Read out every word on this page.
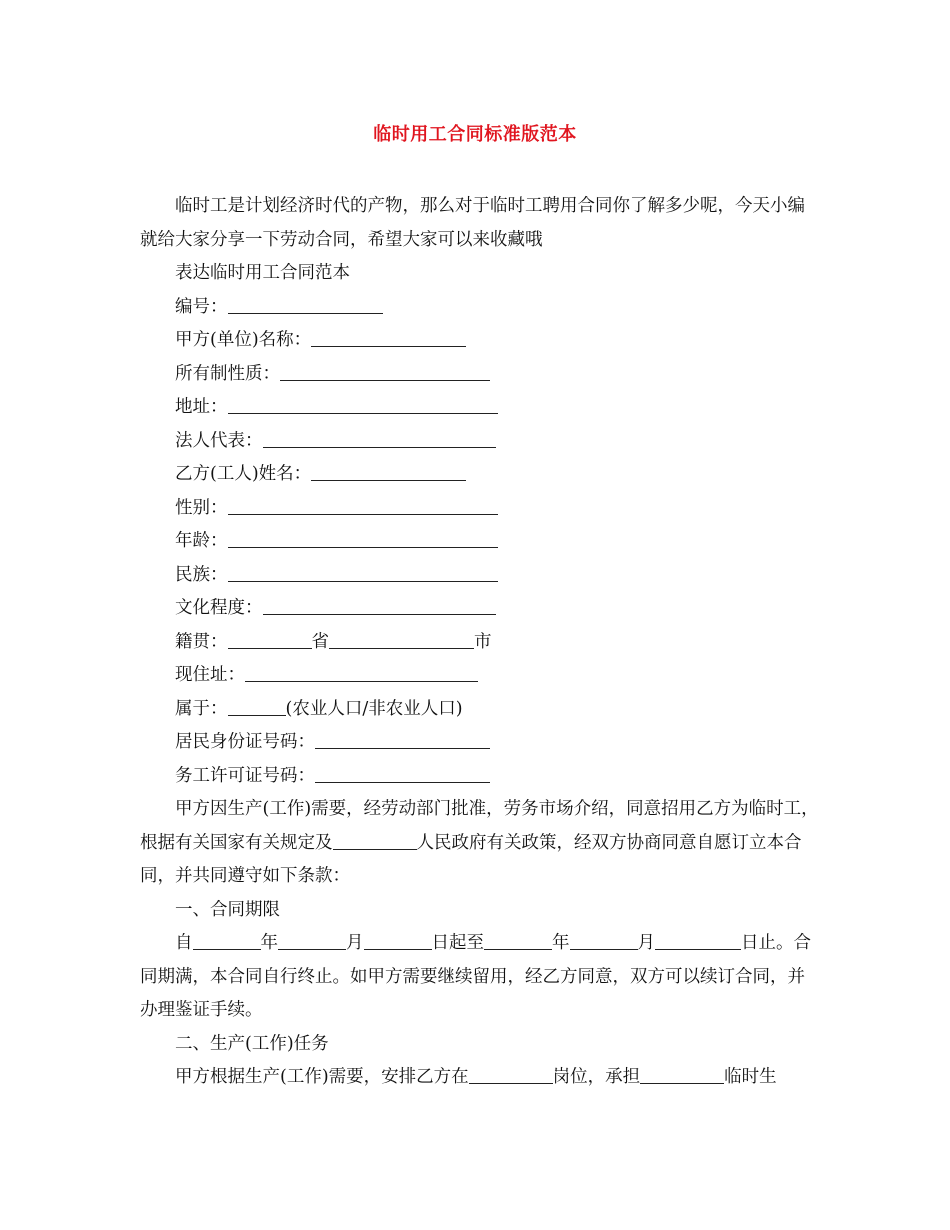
临时用工合同标准版范本

临时工是计划经济时代的产物，那么对于临时工聘用合同你了解多少呢，今天小编就给大家分享一下劳动合同，希望大家可以来收藏哦

表达临时用工合同范本

编号：

甲方(单位)名称：

所有制性质：

地址：

法人代表：

乙方(工人)姓名：

性别：

年龄：

民族：

文化程度：

籍贯：	省	市

现住址：

属于：	(农业人口/非农业人口)

居民身份证号码：

务工许可证号码：

甲方因生产(工作)需要，经劳动部门批准，劳务市场介绍，同意招用乙方为临时工，根据有关国家有关规定及	人民政府有关政策，经双方协商同意自愿订立本合同，并共同遵守如下条款：

一、合同期限

自	年	月	日起至	年	月	日止。合同期满，本合同自行终止。如甲方需要继续留用，经乙方同意，双方可以续订合同，并办理鉴证手续。

二、生产(工作)任务

甲方根据生产(工作)需要，安排乙方在	岗位，承担	临时生
